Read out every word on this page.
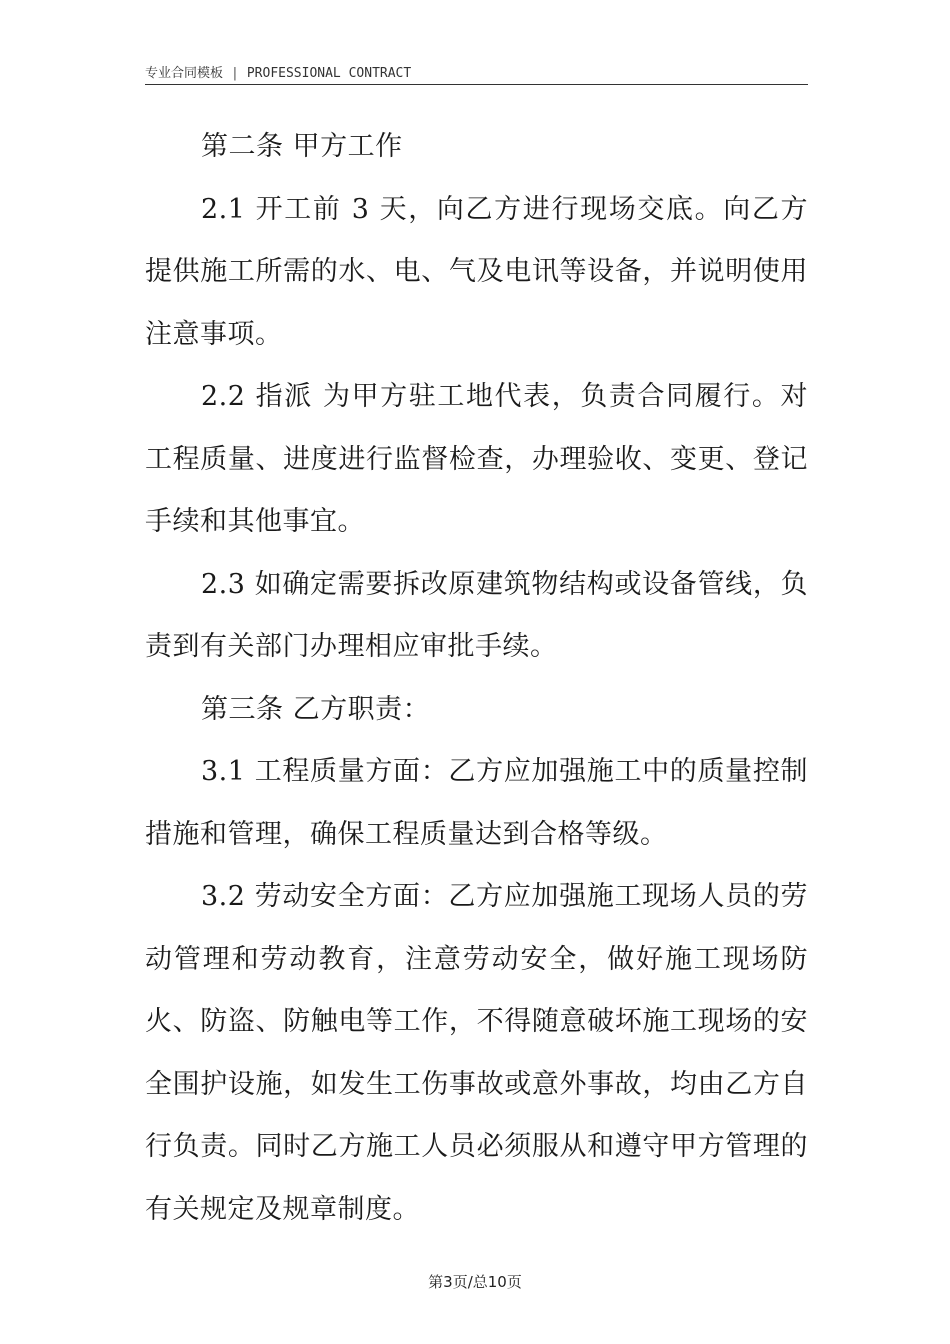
专业合同模板 | PROFESSIONAL CONTRACT

第二条 甲方工作

2.1 开工前 3 天，向乙方进行现场交底。向乙方提供施工所需的水、电、气及电讯等设备，并说明使用注意事项。

2.2 指派 为甲方驻工地代表，负责合同履行。对工程质量、进度进行监督检查，办理验收、变更、登记手续和其他事宜。

2.3 如确定需要拆改原建筑物结构或设备管线，负责到有关部门办理相应审批手续。

第三条 乙方职责：

3.1 工程质量方面：乙方应加强施工中的质量控制措施和管理，确保工程质量达到合格等级。

3.2 劳动安全方面：乙方应加强施工现场人员的劳动管理和劳动教育，注意劳动安全，做好施工现场防火、防盗、防触电等工作，不得随意破坏施工现场的安全围护设施，如发生工伤事故或意外事故，均由乙方自行负责。同时乙方施工人员必须服从和遵守甲方管理的有关规定及规章制度。

第3页/总10页
